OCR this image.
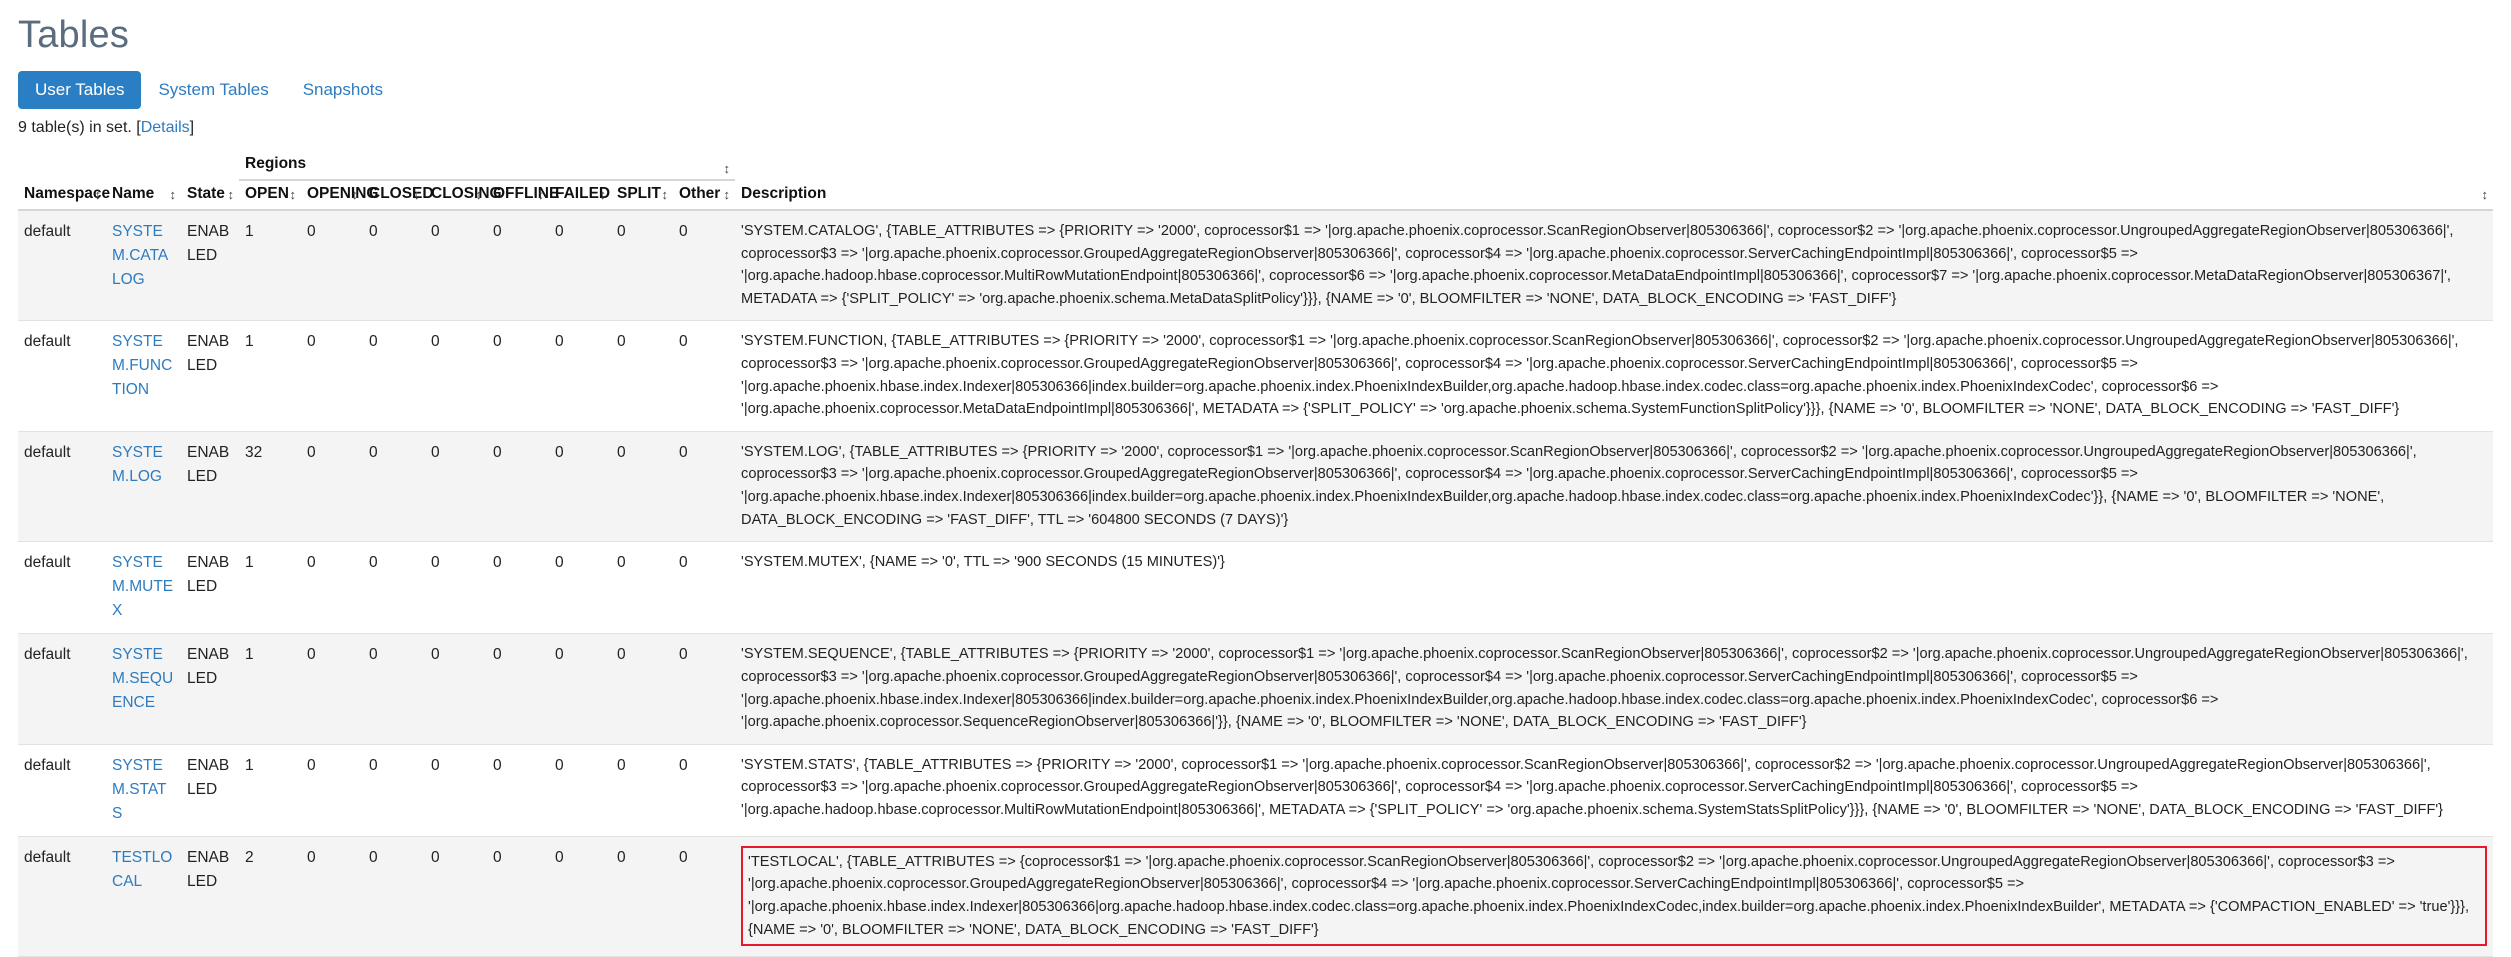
Tables
User Tables	System Tables	Snapshots
9 table(s) in set. [Details]
Namespace ↕	Name ↕	State ↕	Regions ↕								Description ↕
			OPEN ↕	OPENING ↕	CLOSED ↕	CLOSING ↕	OFFLINE ↕	FAILED ↕	SPLIT ↕	Other ↕
default	SYSTEM.CATALOG	ENABLED	1	0	0	0	0	0	0	0	'SYSTEM.CATALOG', {TABLE_ATTRIBUTES => {PRIORITY => '2000', coprocessor$1 => '|org.apache.phoenix.coprocessor.ScanRegionObserver|805306366|', coprocessor$2 => '|org.apache.phoenix.coprocessor.UngroupedAggregateRegionObserver|805306366|', coprocessor$3 => '|org.apache.phoenix.coprocessor.GroupedAggregateRegionObserver|805306366|', coprocessor$4 => '|org.apache.phoenix.coprocessor.ServerCachingEndpointImpl|805306366|', coprocessor$5 => '|org.apache.hadoop.hbase.coprocessor.MultiRowMutationEndpoint|805306366|', coprocessor$6 => '|org.apache.phoenix.coprocessor.MetaDataEndpointImpl|805306366|', coprocessor$7 => '|org.apache.phoenix.coprocessor.MetaDataRegionObserver|805306367|', METADATA => {'SPLIT_POLICY' => 'org.apache.phoenix.schema.MetaDataSplitPolicy'}}}, {NAME => '0', BLOOMFILTER => 'NONE', DATA_BLOCK_ENCODING => 'FAST_DIFF'}
default	SYSTEM.FUNCTION	ENABLED	1	0	0	0	0	0	0	0	'SYSTEM.FUNCTION, {TABLE_ATTRIBUTES => {PRIORITY => '2000', coprocessor$1 => '|org.apache.phoenix.coprocessor.ScanRegionObserver|805306366|', coprocessor$2 => '|org.apache.phoenix.coprocessor.UngroupedAggregateRegionObserver|805306366|', coprocessor$3 => '|org.apache.phoenix.coprocessor.GroupedAggregateRegionObserver|805306366|', coprocessor$4 => '|org.apache.phoenix.coprocessor.ServerCachingEndpointImpl|805306366|', coprocessor$5 => '|org.apache.phoenix.hbase.index.Indexer|805306366|index.builder=org.apache.phoenix.index.PhoenixIndexBuilder,org.apache.hadoop.hbase.index.codec.class=org.apache.phoenix.index.PhoenixIndexCodec', coprocessor$6 => '|org.apache.phoenix.coprocessor.MetaDataEndpointImpl|805306366|', METADATA => {'SPLIT_POLICY' => 'org.apache.phoenix.schema.SystemFunctionSplitPolicy'}}}, {NAME => '0', BLOOMFILTER => 'NONE', DATA_BLOCK_ENCODING => 'FAST_DIFF'}
default	SYSTEM.LOG	ENABLED	32	0	0	0	0	0	0	0	'SYSTEM.LOG', {TABLE_ATTRIBUTES => {PRIORITY => '2000', coprocessor$1 => '|org.apache.phoenix.coprocessor.ScanRegionObserver|805306366|', coprocessor$2 => '|org.apache.phoenix.coprocessor.UngroupedAggregateRegionObserver|805306366|', coprocessor$3 => '|org.apache.phoenix.coprocessor.GroupedAggregateRegionObserver|805306366|', coprocessor$4 => '|org.apache.phoenix.coprocessor.ServerCachingEndpointImpl|805306366|', coprocessor$5 => '|org.apache.phoenix.hbase.index.Indexer|805306366|index.builder=org.apache.phoenix.index.PhoenixIndexBuilder,org.apache.hadoop.hbase.index.codec.class=org.apache.phoenix.index.PhoenixIndexCodec'}}, {NAME => '0', BLOOMFILTER => 'NONE', DATA_BLOCK_ENCODING => 'FAST_DIFF', TTL => '604800 SECONDS (7 DAYS)'}
default	SYSTEM.MUTEX	ENABLED	1	0	0	0	0	0	0	0	'SYSTEM.MUTEX', {NAME => '0', TTL => '900 SECONDS (15 MINUTES)'}
default	SYSTEM.SEQUENCE	ENABLED	1	0	0	0	0	0	0	0	'SYSTEM.SEQUENCE', {TABLE_ATTRIBUTES => {PRIORITY => '2000', coprocessor$1 => '|org.apache.phoenix.coprocessor.ScanRegionObserver|805306366|', coprocessor$2 => '|org.apache.phoenix.coprocessor.UngroupedAggregateRegionObserver|805306366|', coprocessor$3 => '|org.apache.phoenix.coprocessor.GroupedAggregateRegionObserver|805306366|', coprocessor$4 => '|org.apache.phoenix.coprocessor.ServerCachingEndpointImpl|805306366|', coprocessor$5 => '|org.apache.phoenix.hbase.index.Indexer|805306366|index.builder=org.apache.phoenix.index.PhoenixIndexBuilder,org.apache.hadoop.hbase.index.codec.class=org.apache.phoenix.index.PhoenixIndexCodec', coprocessor$6 => '|org.apache.phoenix.coprocessor.SequenceRegionObserver|805306366|'}}, {NAME => '0', BLOOMFILTER => 'NONE', DATA_BLOCK_ENCODING => 'FAST_DIFF'}
default	SYSTEM.STATS	ENABLED	1	0	0	0	0	0	0	0	'SYSTEM.STATS', {TABLE_ATTRIBUTES => {PRIORITY => '2000', coprocessor$1 => '|org.apache.phoenix.coprocessor.ScanRegionObserver|805306366|', coprocessor$2 => '|org.apache.phoenix.coprocessor.UngroupedAggregateRegionObserver|805306366|', coprocessor$3 => '|org.apache.phoenix.coprocessor.GroupedAggregateRegionObserver|805306366|', coprocessor$4 => '|org.apache.phoenix.coprocessor.ServerCachingEndpointImpl|805306366|', coprocessor$5 => '|org.apache.hadoop.hbase.coprocessor.MultiRowMutationEndpoint|805306366|', METADATA => {'SPLIT_POLICY' => 'org.apache.phoenix.schema.SystemStatsSplitPolicy'}}}, {NAME => '0', BLOOMFILTER => 'NONE', DATA_BLOCK_ENCODING => 'FAST_DIFF'}
default	TESTLOCAL	ENABLED	2	0	0	0	0	0	0	0	'TESTLOCAL', {TABLE_ATTRIBUTES => {coprocessor$1 => '|org.apache.phoenix.coprocessor.ScanRegionObserver|805306366|', coprocessor$2 => '|org.apache.phoenix.coprocessor.UngroupedAggregateRegionObserver|805306366|', coprocessor$3 => '|org.apache.phoenix.coprocessor.GroupedAggregateRegionObserver|805306366|', coprocessor$4 => '|org.apache.phoenix.coprocessor.ServerCachingEndpointImpl|805306366|', coprocessor$5 => '|org.apache.phoenix.hbase.index.Indexer|805306366|org.apache.hadoop.hbase.index.codec.class=org.apache.phoenix.index.PhoenixIndexCodec,index.builder=org.apache.phoenix.index.PhoenixIndexBuilder', METADATA => {'COMPACTION_ENABLED' => 'true'}}}, {NAME => '0', BLOOMFILTER => 'NONE', DATA_BLOCK_ENCODING => 'FAST_DIFF'}
